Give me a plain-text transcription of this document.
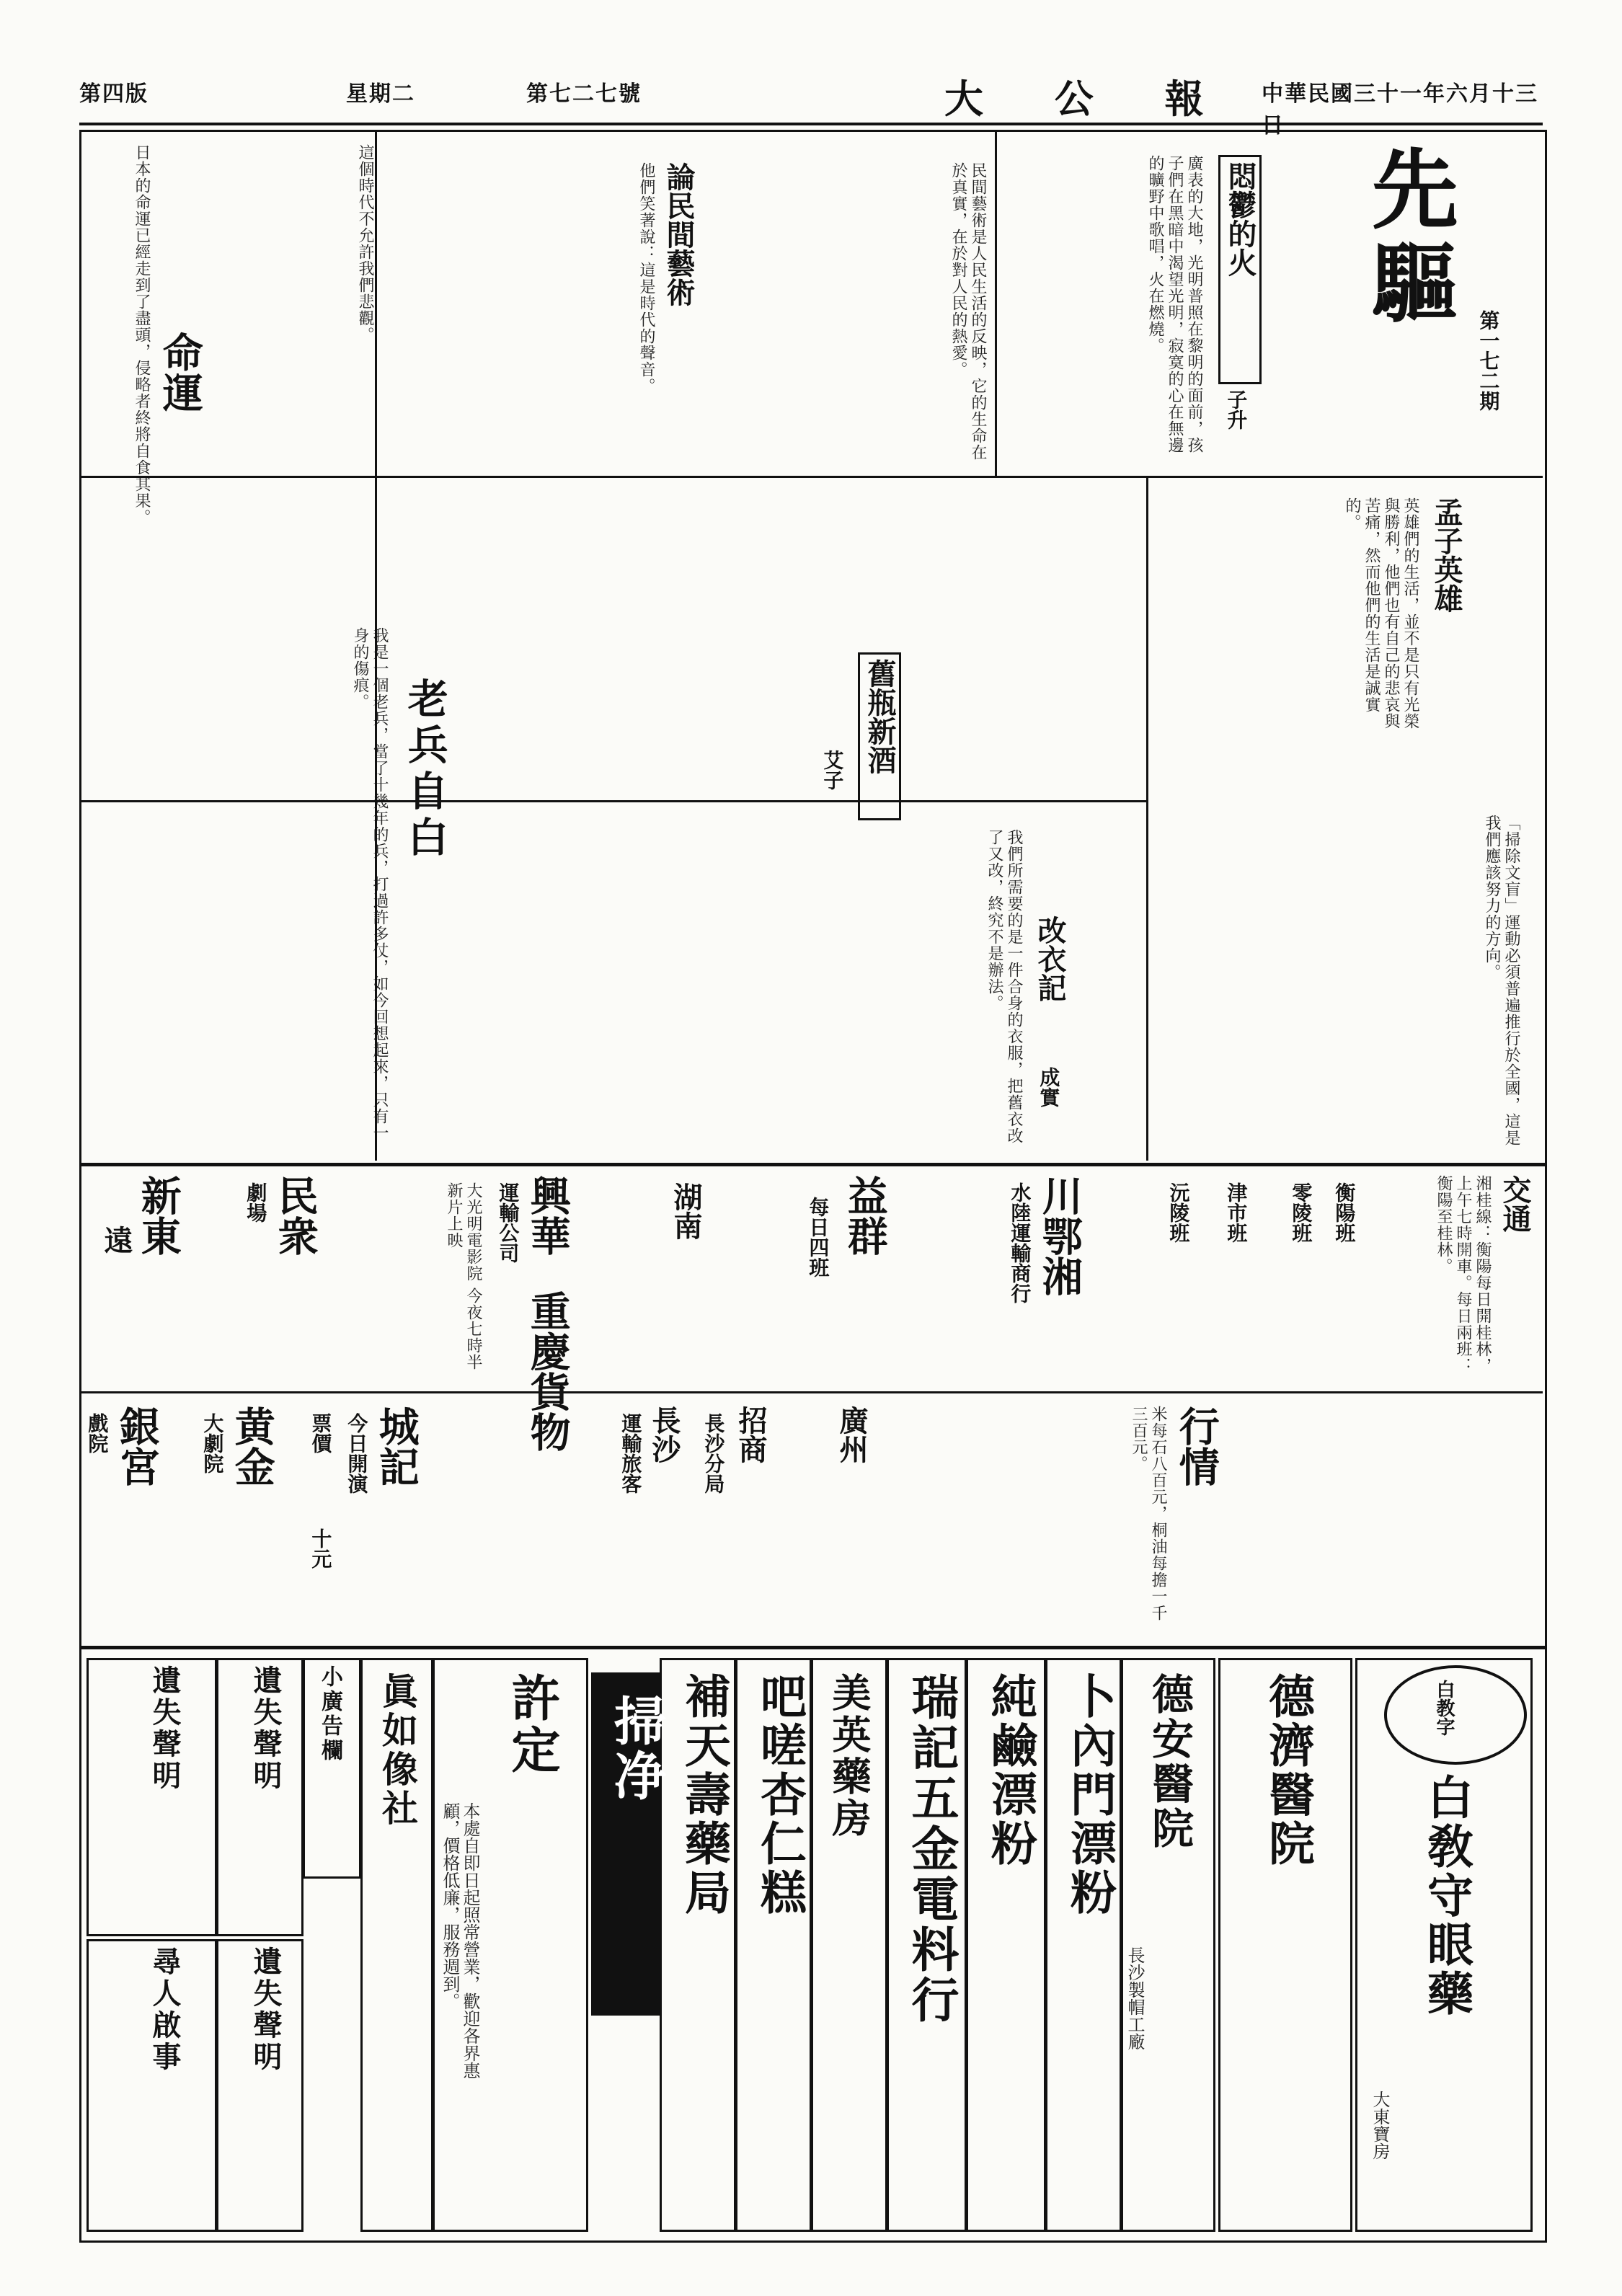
第四版	星期二	第七二七號	大 公 報 中華民國三十一年六月十三日
先驅
第一七二期
悶鬱的火
子升
廣表的大地，光明普照在黎明的面前，孩子們在黑暗中渴望光明，寂寞的心在無邊的曠野中歌唱，火在燃燒。
孟子英雄
英雄們的生活，並不是只有光榮與勝利，他們也有自己的悲哀與苦痛，然而他們的生活是誠實的。
論民間藝術	民間藝術是人民生活的反映，它的生命在於真實，在於對人民的熱愛。
他們笑著說：這是時代的聲音。
舊瓶新酒
艾子
改衣記
成實
我們所需要的是一件合身的衣服，把舊衣改了又改，終究不是辦法。
老兵自白
我是一個老兵，當了十幾年的兵，打過許多仗，如今回想起來，只有一身的傷痕。
「掃除文盲」運動必須普遍推行於全國，這是我們應該努力的方向。
命運
日本的命運已經走到了盡頭，侵略者終將自食其果。	這個時代不允許我們悲觀。
交通
湘桂線：衡陽每日開桂林，上午七時開車。每日兩班：衡陽至桂林。
衡陽班
零陵班
津市班
沅陵班
川鄂湘
水陸運輸商行
益群
每日四班
湖南
興華
運輸公司
重慶貨物
民衆
劇場
新東
遠	大光明電影院 今夜七時半 新片上映
行情
米每石八百元，桐油每擔一千三百元。
招商
長沙分局
長沙
運輸旅客	廣州
城記
今日開演
票價
十元
黄金
大劇院
銀宮
戲院
白教字
白敎守眼藥
大東寶房
德濟醫院
德安醫院
長沙製帽工廠
卜內門漂粉
純鹼漂粉
瑞記五金電料行
美英藥房
吧嗟杏仁糕
補天壽藥局
掃净
許定
本處自即日起照常營業，歡迎各界惠顧，價格低廉，服務週到。
眞如像社
小廣告欄
遺失聲明
遺失聲明
遺失聲明
尋人啟事
